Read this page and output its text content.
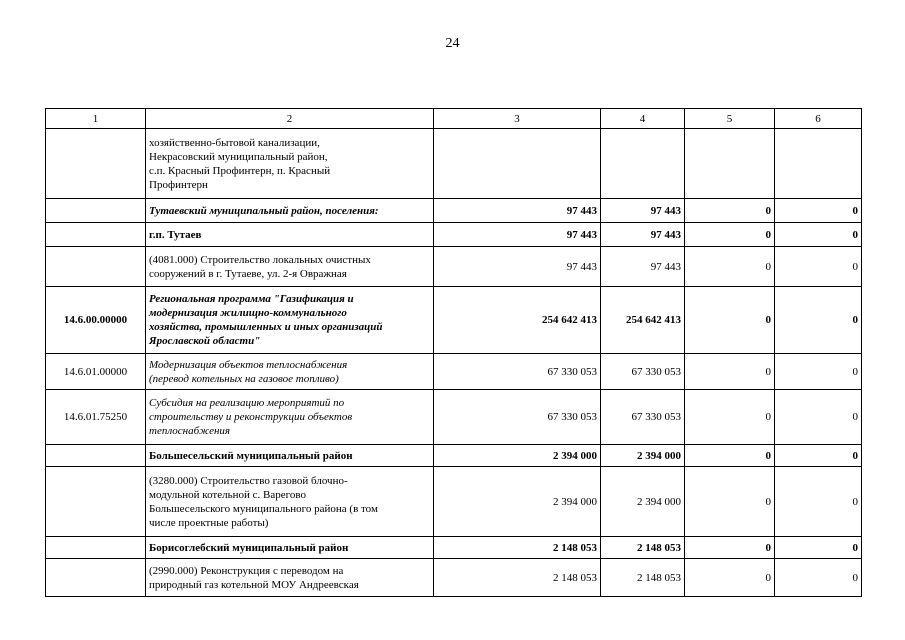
24
1	2	3	4	5	6
	хозяйственно-бытовой канализации,
Некрасовский муниципальный район,
с.п. Красный Профинтерн, п. Красный
Профинтерн				
	Тутаевский муниципальный район, поселения:	97 443	97 443	0	0
	г.п. Тутаев	97 443	97 443	0	0
	(4081.000) Строительство локальных очистных
сооружений в г. Тутаеве, ул. 2-я Овражная	97 443	97 443	0	0
14.6.00.00000	Региональная программа "Газификация и
модернизация жилищно-коммунального
хозяйства, промышленных и иных организаций
Ярославской области"	254 642 413	254 642 413	0	0
14.6.01.00000	Модернизация объектов теплоснабжения
(перевод котельных на газовое топливо)	67 330 053	67 330 053	0	0
14.6.01.75250	Субсидия на реализацию мероприятий по
строительству и реконструкции объектов
теплоснабжения	67 330 053	67 330 053	0	0
	Большесельский муниципальный район	2 394 000	2 394 000	0	0
	(3280.000) Строительство газовой блочно-
модульной котельной с. Варегово
Большесельского муниципального района (в том
числе проектные работы)	2 394 000	2 394 000	0	0
	Борисоглебский муниципальный район	2 148 053	2 148 053	0	0
	(2990.000) Реконструкция с переводом на
природный газ котельной МОУ Андреевская	2 148 053	2 148 053	0	0
